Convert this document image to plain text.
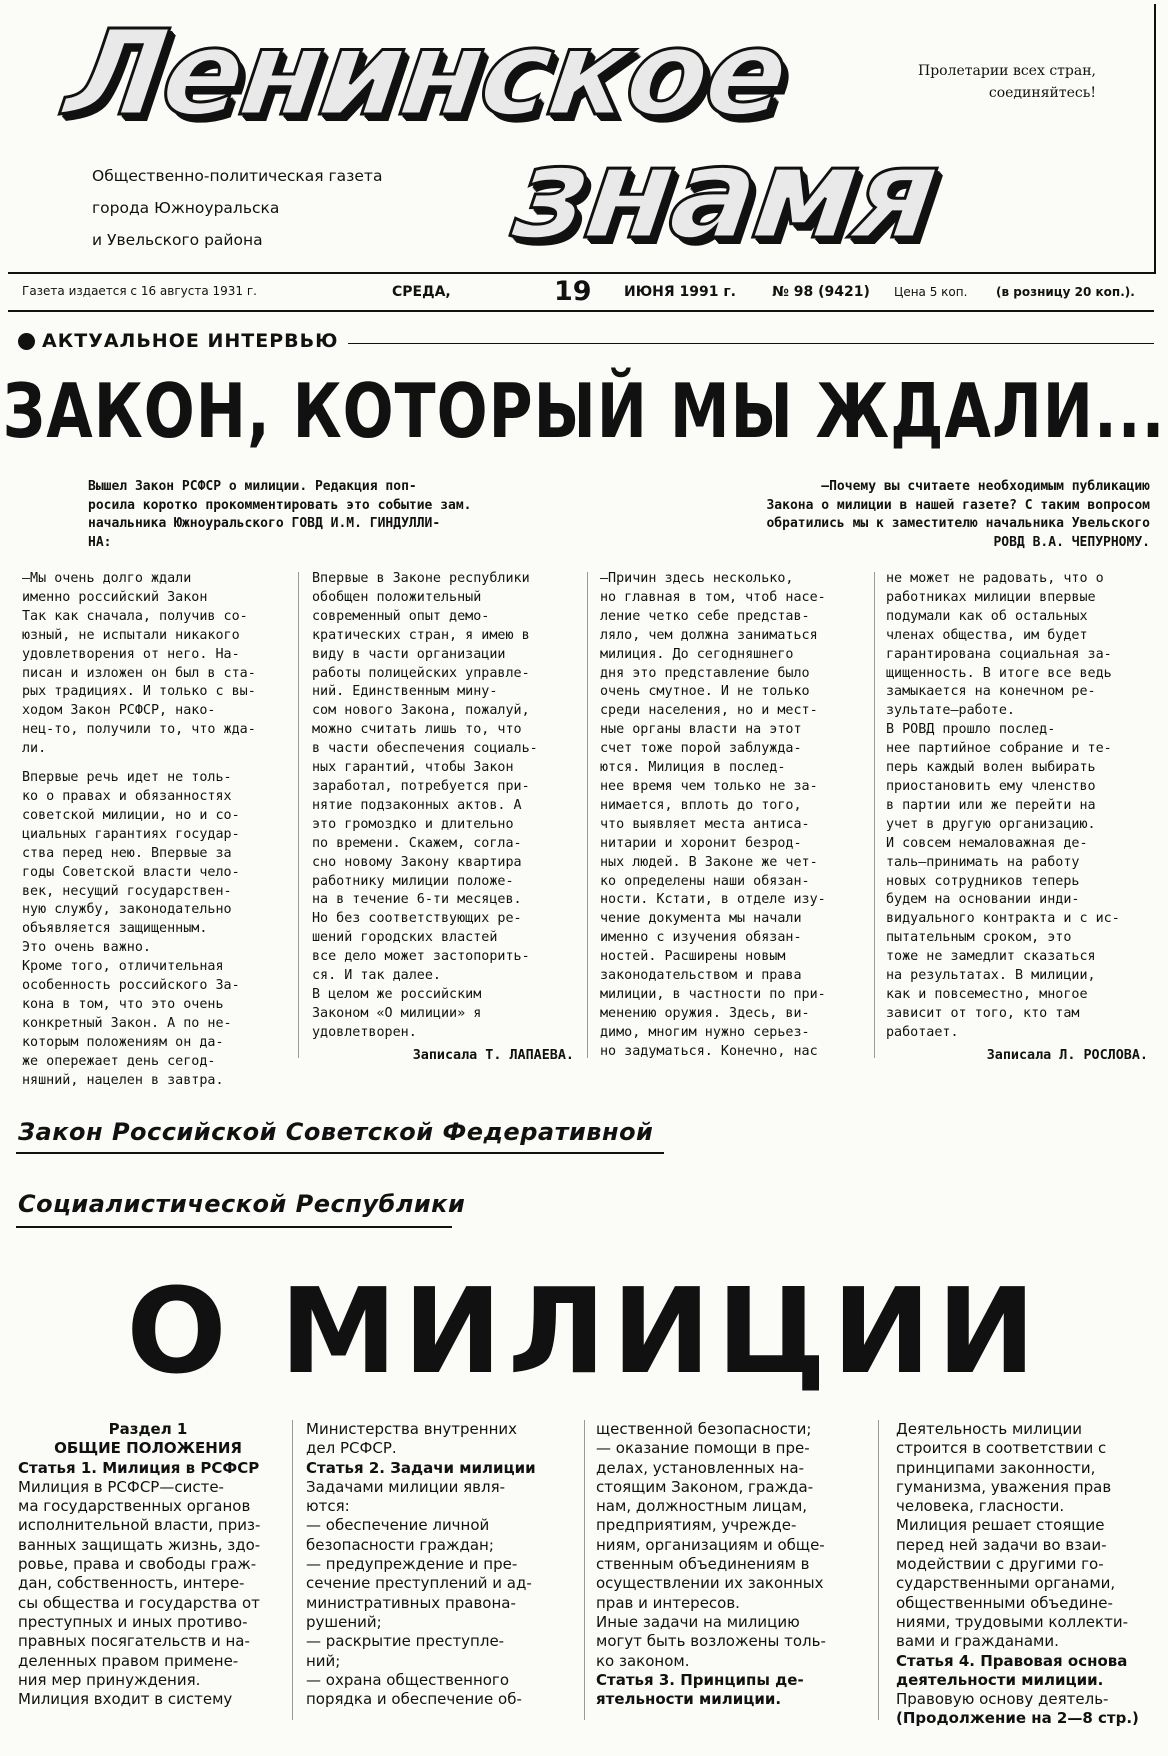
Ленинское
знамя
Общественно-политическая газета
города Южноуральска
и Увельского района
Пролетарии всех стран,
соединяйтесь!
Газета издается с 16 августа 1931 г.	СРЕДА,	19 ИЮНЯ 1991 г.	№ 98 (9421) Цена 5 коп. (в розницу 20 коп.).
АКТУАЛЬНОЕ ИНТЕРВЬЮ
ЗАКОН, КОТОРЫЙ МЫ ЖДАЛИ...
Вышел Закон РСФСР о милиции. Редакция поп-
росила коротко прокомментировать это событие зам.
начальника Южноуральского ГОВД И.М. ГИНДУЛЛИ-
НА:
—Почему вы считаете необходимым публикацию
Закона о милиции в нашей газете? С таким вопросом
обратились мы к заместителю начальника Увельского
РОВД В.А. ЧЕПУРНОМУ.
—Мы очень долго ждали
именно российский Закон
Так как сначала, получив со-
юзный, не испытали никакого
удовлетворения от него. На-
писан и изложен он был в ста-
рых традициях. И только с вы-
ходом Закон РСФСР, нако-
нец-то, получили то, что жда-
ли.
Впервые речь идет не толь-
ко о правах и обязанностях
советской милиции, но и со-
циальных гарантиях государ-
ства перед нею. Впервые за
годы Советской власти чело-
век, несущий государствен-
ную службу, законодательно
объявляется защищенным.
Это очень важно.
Кроме того, отличительная
особенность российского За-
кона в том, что это очень
конкретный Закон. А по не-
которым положениям он да-
же опережает день сегод-
няшний, нацелен в завтра.
Впервые в Законе республики
обобщен положительный
современный опыт демо-
кратических стран, я имею в
виду в части организации
работы полицейских управле-
ний. Единственным минy-
сом нового Закона, пожалуй,
можно считать лишь то, что
в части обеспечения социаль-
ных гарантий, чтобы Закон
заработал, потребуется при-
нятие подзаконных актов. А
это громоздко и длительно
по времени. Скажем, согла-
сно новому Закону квартира
работнику милиции положе-
на в течение 6-ти месяцев.
Но без соответствующих ре-
шений городских властей
все дело может застопорить-
ся. И так далее.
В целом же российским
Законом «О милиции» я
удовлетворен.
Записала Т. ЛАПАЕВА.
—Причин здесь несколько,
но главная в том, чтоб насе-
ление четко себе представ-
ляло, чем должна заниматься
милиция. До сегодняшнего
дня это представление было
очень смутное. И не только
среди населения, но и мест-
ные органы власти на этот
счет тоже порой заблужда-
ются. Милиция в послед-
нее время чем только не за-
нимается, вплоть до того,
что выявляет места антиса-
нитарии и хоронит безрод-
ных людей. В Законе же чет-
ко определены наши обязан-
ности. Кстати, в отделе изу-
чение документа мы начали
именно с изучения обязан-
ностей. Расширены новым
законодательством и права
милиции, в частности по при-
менению оружия. Здесь, ви-
димо, многим нужно серьез-
но задуматься. Конечно, нас
не может не радовать, что о
работниках милиции впервые
подумали как об остальных
членах общества, им будет
гарантирована социальная за-
щищенность. В итоге все ведь
замыкается на конечном ре-
зультате—работе.
В РОВД прошло послед-
нее партийное собрание и те-
перь каждый волен выбирать
приостановить ему членство
в партии или же перейти на
учет в другую организацию.
И совсем немаловажная де-
таль—принимать на работу
новых сотрудников теперь
будем на основании инди-
видуального контракта и с ис-
пытательным сроком, это
тоже не замедлит сказаться
на результатах. В милиции,
как и повсеместно, многое
зависит от того, кто там
работает.
Записала Л. РОСЛОВА.
Закон Российской Советской Федеративной
Социалистической Республики
О МИЛИЦИИ
Раздел 1
ОБЩИЕ ПОЛОЖЕНИЯ
Статья 1. Милиция в РСФСР
Милиция в РСФСР—систе-
ма государственных органов
исполнительной власти, приз-
ванных защищать жизнь, здо-
ровье, права и свободы граж-
дан, собственность, интере-
сы общества и государства от
преступных и иных противо-
правных посягательств и на-
деленных правом примене-
ния мер принуждения.
Милиция входит в систему
Министерства внутренних
дел РСФСР.
Статья 2. Задачи милиции
Задачами милиции явля-
ются:
— обеспечение личной
безопасности граждан;
— предупреждение и пре-
сечение преступлений и ад-
министративных правона-
рушений;
— раскрытие преступле-
ний;
— охрана общественного
порядка и обеспечение об-
щественной безопасности;
— оказание помощи в пре-
делах, установленных на-
стоящим Законом, гражда-
нам, должностным лицам,
предприятиям, учрежде-
ниям, организациям и обще-
ственным объединениям в
осуществлении их законных
прав и интересов.
Иные задачи на милицию
могут быть возложены толь-
ко законом.
Статья 3. Принципы де-
ятельности милиции.
Деятельность милиции
строится в соответствии с
принципами законности,
гуманизма, уважения прав
человека, гласности.
Милиция решает стоящие
перед ней задачи во взаи-
модействии с другими го-
сударственными органами,
общественными объедине-
ниями, трудовыми коллекти-
вами и гражданами.
Статья 4. Правовая основа
деятельности милиции.
Правовую основу деятель-
(Продолжение на 2—8 стр.)
